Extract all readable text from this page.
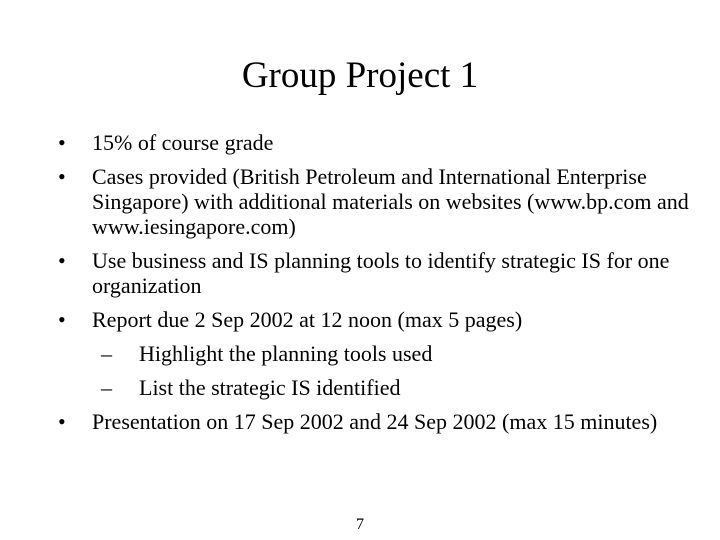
Group Project 1
•	15% of course grade
•	Cases provided (British Petroleum and International Enterprise Singapore) with additional materials on websites (www.bp.com and www.iesingapore.com)
•	Use business and IS planning tools to identify strategic IS for one organization
•	Report due 2 Sep 2002 at 12 noon (max 5 pages)
– Highlight the planning tools used
– List the strategic IS identified
•	Presentation on 17 Sep 2002 and 24 Sep 2002 (max 15 minutes)
7
